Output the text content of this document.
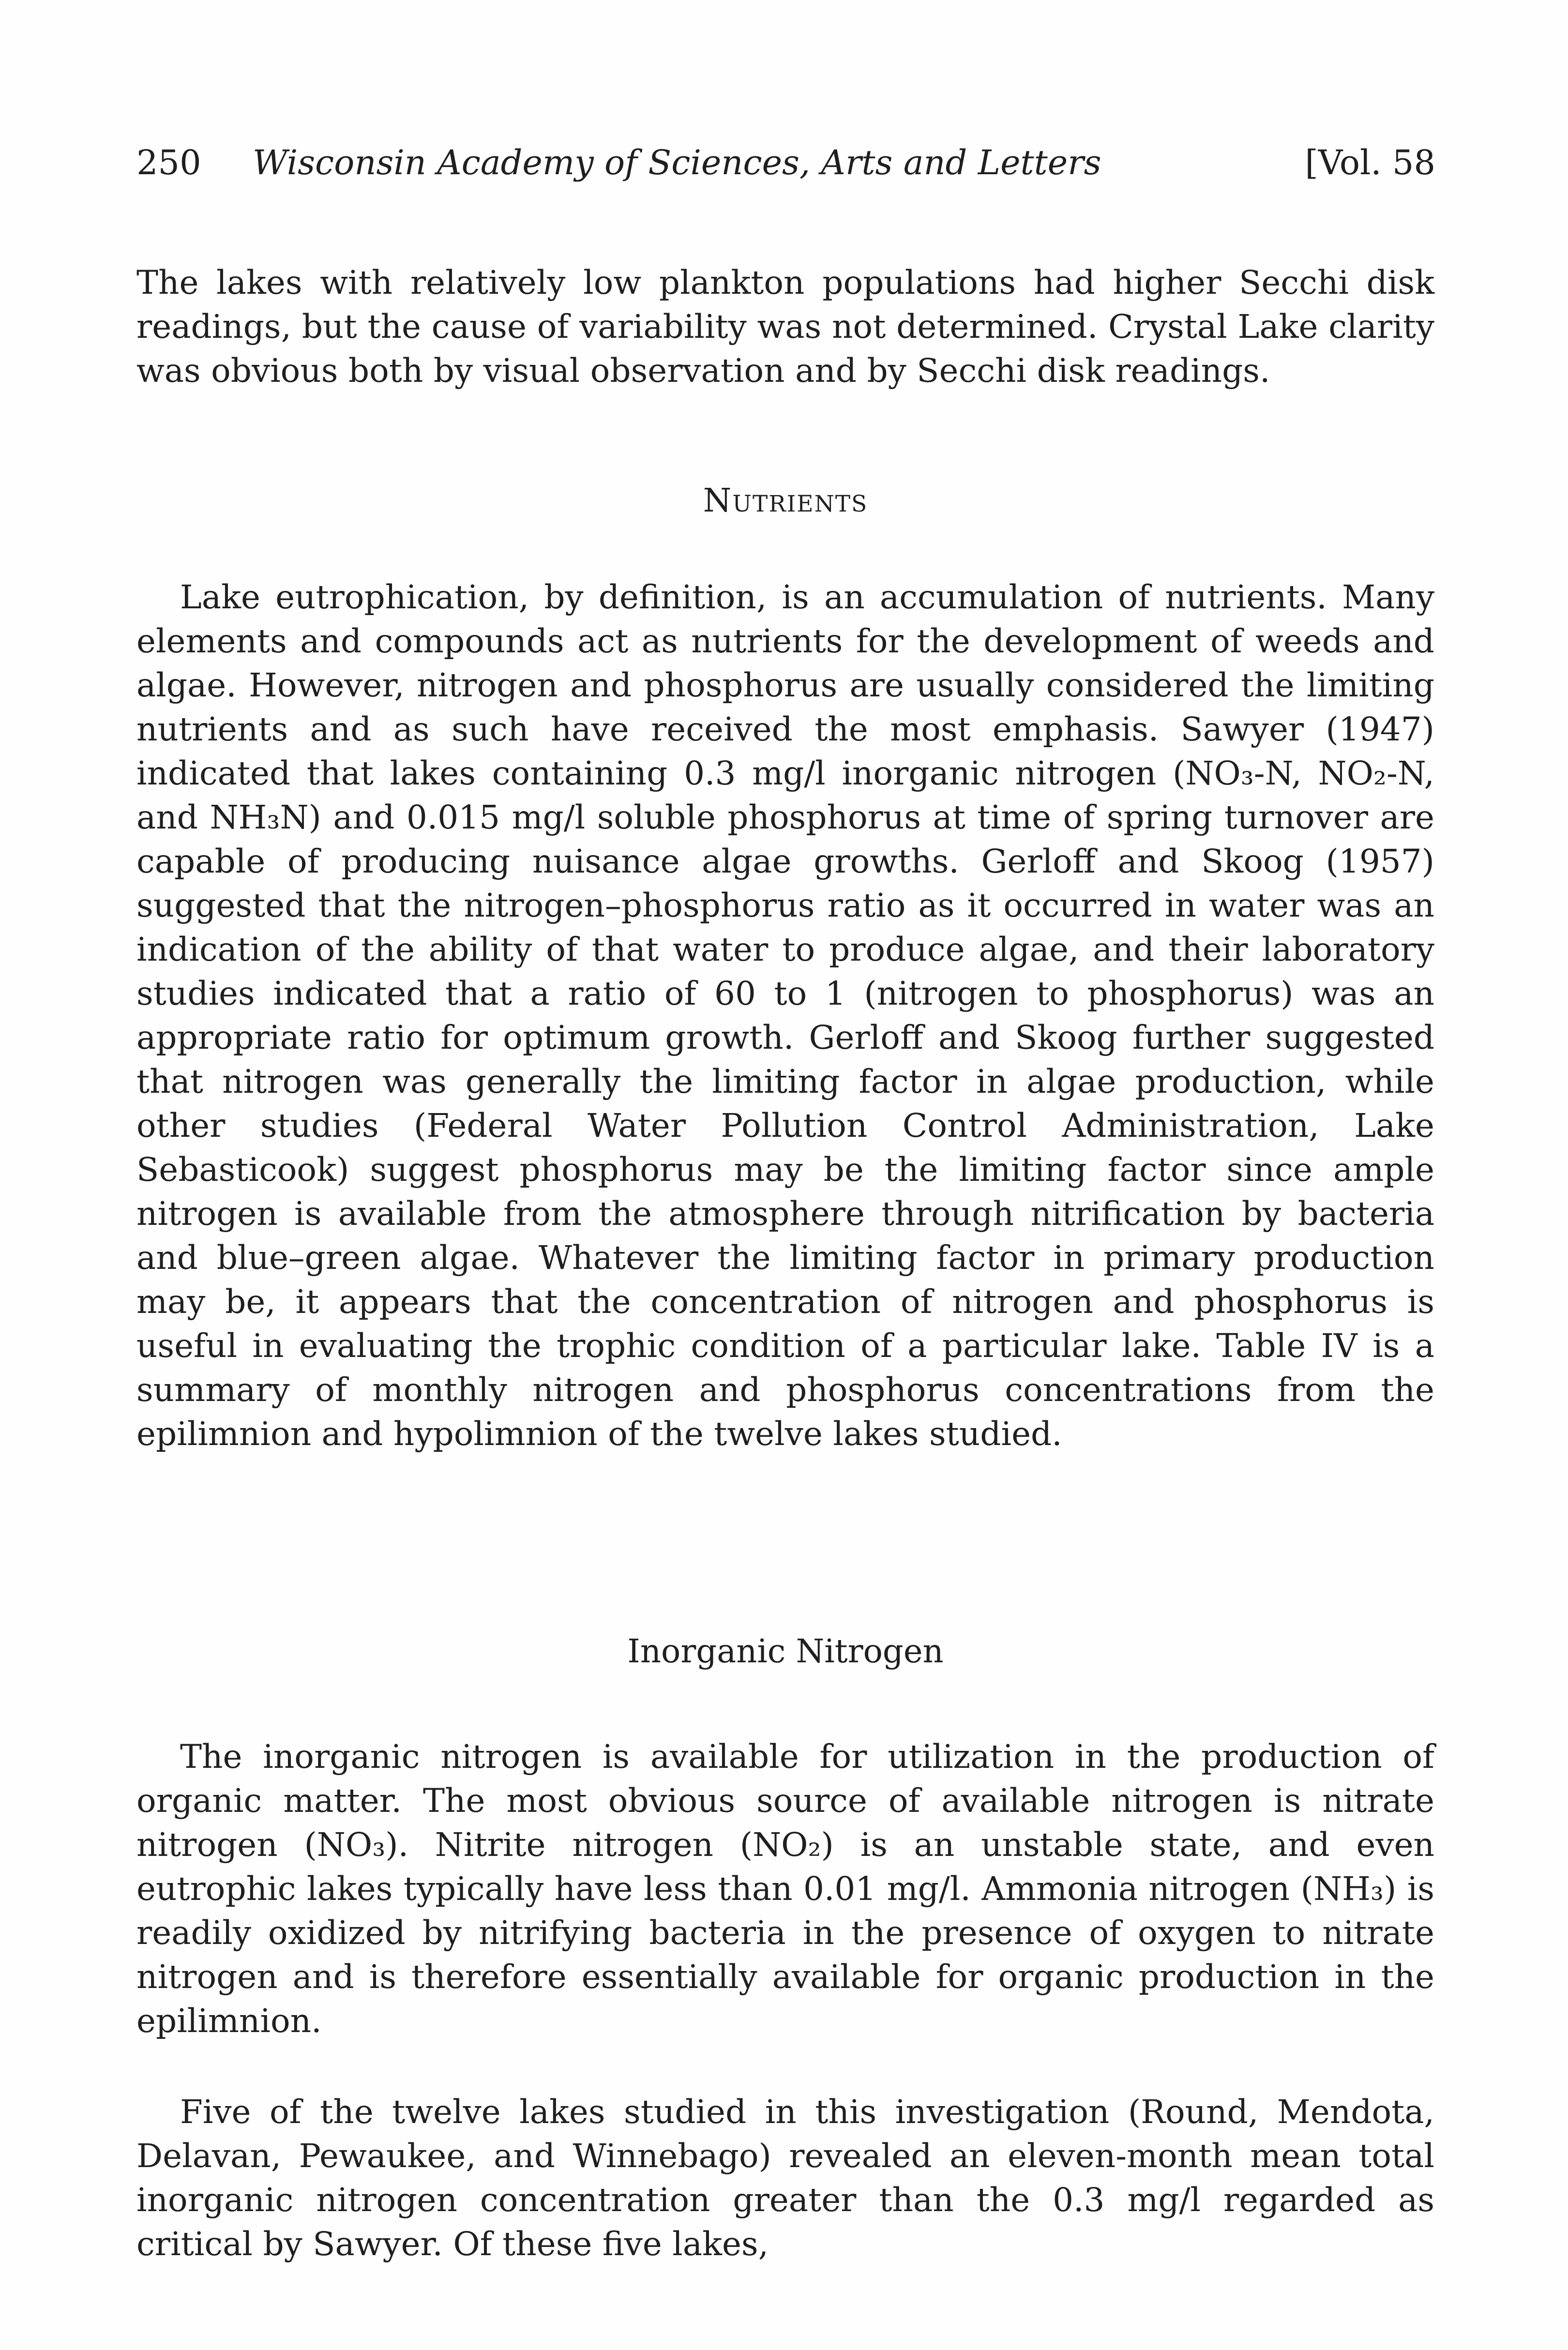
250 Wisconsin Academy of Sciences, Arts and Letters	[Vol. 58

The lakes with relatively low plankton populations had higher Secchi disk readings, but the cause of variability was not determined. Crystal Lake clarity was obvious both by visual observation and by Secchi disk readings.

Nutrients

Lake eutrophication, by definition, is an accumulation of nutrients. Many elements and compounds act as nutrients for the development of weeds and algae. However, nitrogen and phosphorus are usually considered the limiting nutrients and as such have received the most emphasis. Sawyer (1947) indicated that lakes containing 0.3 mg/l inorganic nitrogen (NO₃-N, NO₂-N, and NH₃N) and 0.015 mg/l soluble phosphorus at time of spring turnover are capable of producing nuisance algae growths. Gerloff and Skoog (1957) suggested that the nitrogen–phosphorus ratio as it occurred in water was an indication of the ability of that water to produce algae, and their laboratory studies indicated that a ratio of 60 to 1 (nitrogen to phosphorus) was an appropriate ratio for optimum growth. Gerloff and Skoog further suggested that nitrogen was generally the limiting factor in algae production, while other studies (Federal Water Pollution Control Administration, Lake Sebasticook) suggest phosphorus may be the limiting factor since ample nitrogen is available from the atmosphere through nitrification by bacteria and blue–green algae. Whatever the limiting factor in primary production may be, it appears that the concentration of nitrogen and phosphorus is useful in evaluating the trophic condition of a particular lake. Table IV is a summary of monthly nitrogen and phosphorus concentrations from the epilimnion and hypolimnion of the twelve lakes studied.

Inorganic Nitrogen

The inorganic nitrogen is available for utilization in the production of organic matter. The most obvious source of available nitrogen is nitrate nitrogen (NO₃). Nitrite nitrogen (NO₂) is an unstable state, and even eutrophic lakes typically have less than 0.01 mg/l. Ammonia nitrogen (NH₃) is readily oxidized by nitrifying bacteria in the presence of oxygen to nitrate nitrogen and is therefore essentially available for organic production in the epilimnion.

Five of the twelve lakes studied in this investigation (Round, Mendota, Delavan, Pewaukee, and Winnebago) revealed an eleven-month mean total inorganic nitrogen concentration greater than the 0.3 mg/l regarded as critical by Sawyer. Of these five lakes,
